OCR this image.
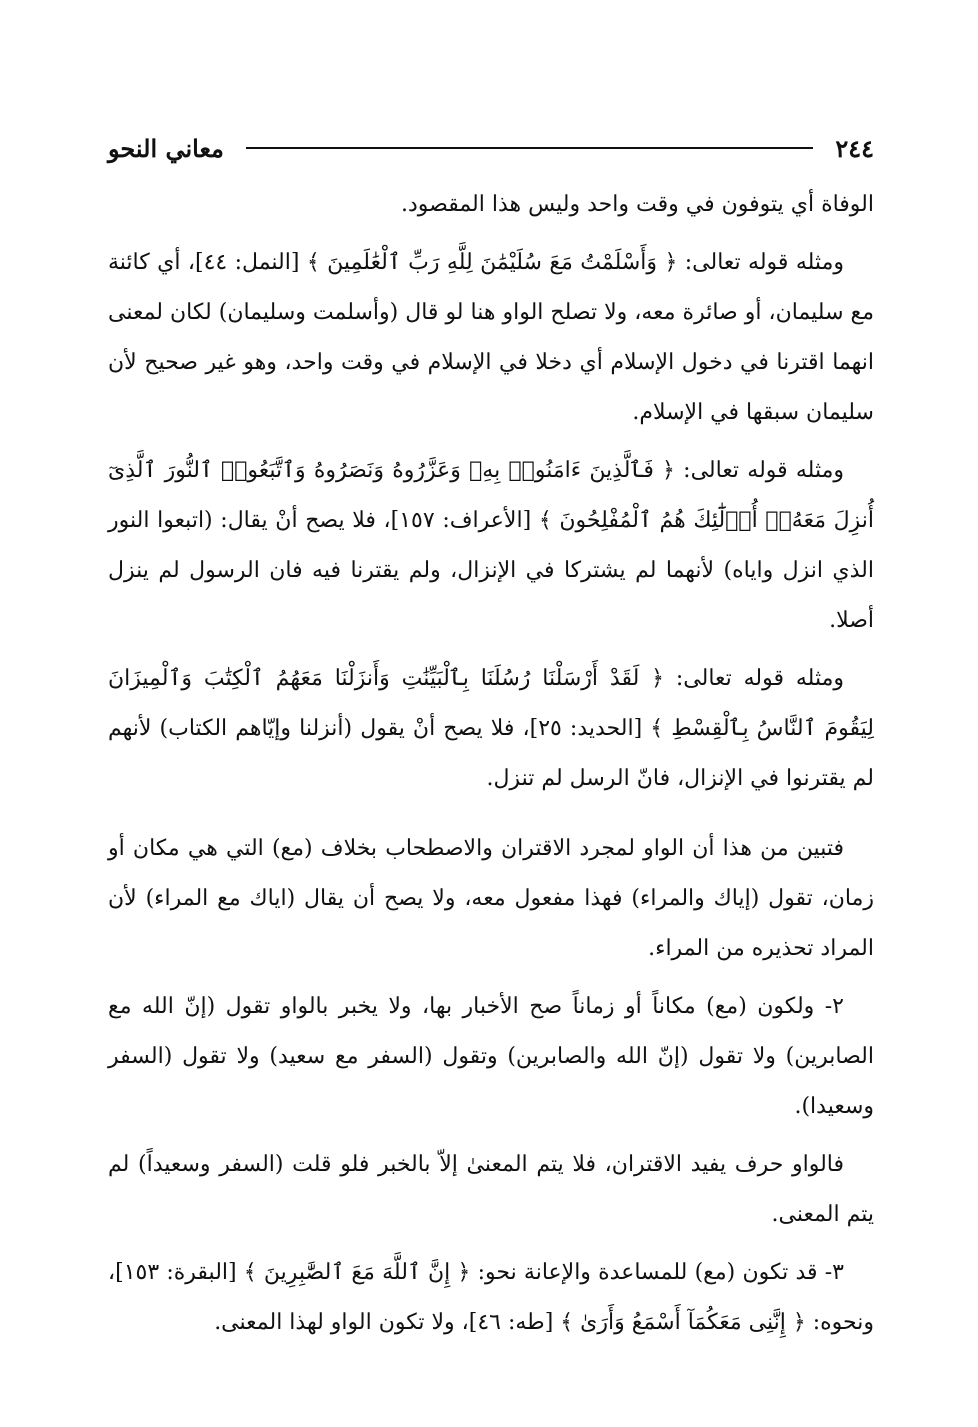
٢٤٤
معاني النحو

الوفاة أي يتوفون في وقت واحد وليس هذا المقصود.

ومثله قوله تعالى: ﴿ وَأَسْلَمْتُ مَعَ سُلَيْمَٰنَ لِلَّهِ رَبِّ ٱلْعَٰلَمِينَ ﴾ [النمل: ٤٤]، أي كائنة مع سليمان، أو صائرة معه، ولا تصلح الواو هنا لو قال (وأسلمت وسليمان) لكان لمعنى انهما اقترنا في دخول الإسلام أي دخلا في الإسلام في وقت واحد، وهو غير صحيح لأن سليمان سبقها في الإسلام.

ومثله قوله تعالى: ﴿ فَٱلَّذِينَ ءَامَنُوا۟ بِهِۦ وَعَزَّرُوهُ وَنَصَرُوهُ وَٱتَّبَعُوا۟ ٱلنُّورَ ٱلَّذِىٓ أُنزِلَ مَعَهُۥٓ أُو۟لَٰٓئِكَ هُمُ ٱلْمُفْلِحُونَ ﴾ [الأعراف: ١٥٧]، فلا يصح أنْ يقال: (اتبعوا النور الذي انزل واياه) لأنهما لم يشتركا في الإنزال، ولم يقترنا فيه فان الرسول لم ينزل أصلا.

ومثله قوله تعالى: ﴿ لَقَدْ أَرْسَلْنَا رُسُلَنَا بِٱلْبَيِّنَٰتِ وَأَنزَلْنَا مَعَهُمُ ٱلْكِتَٰبَ وَٱلْمِيزَانَ لِيَقُومَ ٱلنَّاسُ بِٱلْقِسْطِ ﴾ [الحديد: ٢٥]، فلا يصح أنْ يقول (أنزلنا وإيّاهم الكتاب) لأنهم لم يقترنوا في الإنزال، فانّ الرسل لم تنزل.

فتبين من هذا أن الواو لمجرد الاقتران والاصطحاب بخلاف (مع) التي هي مكان أو زمان، تقول (إياك والمراء) فهذا مفعول معه، ولا يصح أن يقال (اياك مع المراء) لأن المراد تحذيره من المراء.

٢- ولكون (مع) مكاناً أو زماناً صح الأخبار بها، ولا يخبر بالواو تقول (إنّ الله مع الصابرين) ولا تقول (إنّ الله والصابرين) وتقول (السفر مع سعيد) ولا تقول (السفر وسعيدا).

فالواو حرف يفيد الاقتران، فلا يتم المعنىٰ إلاّ بالخبر فلو قلت (السفر وسعيداً) لم يتم المعنى.

٣- قد تكون (مع) للمساعدة والإعانة نحو: ﴿ إِنَّ ٱللَّهَ مَعَ ٱلصَّٰبِرِينَ ﴾ [البقرة: ١٥٣]، ونحوه: ﴿ إِنَّنِى مَعَكُمَآ أَسْمَعُ وَأَرَىٰ ﴾ [طه: ٤٦]، ولا تكون الواو لهذا المعنى.
